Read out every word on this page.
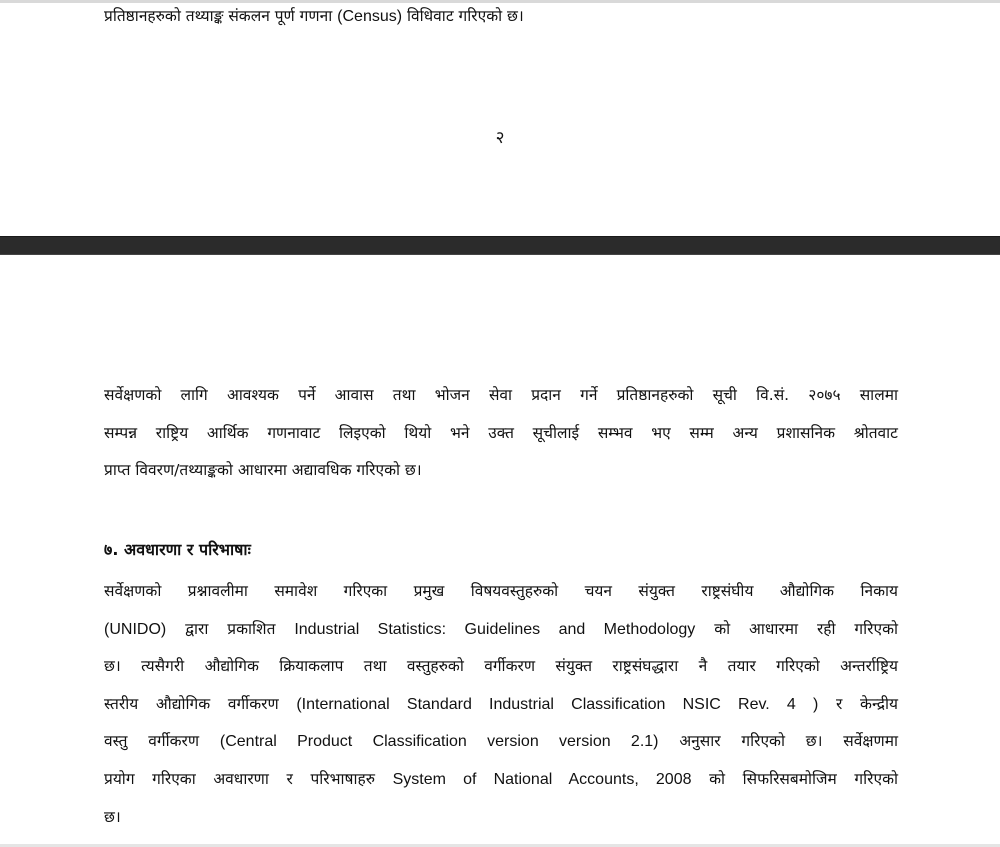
प्रतिष्ठानहरुको तथ्याङ्क संकलन पूर्ण गणना (Census) विधिवाट गरिएको छ।
२
सर्वेक्षणको लागि आवश्यक पर्ने आवास तथा भोजन सेवा प्रदान गर्ने प्रतिष्ठानहरुको सूची वि.सं. २०७५ सालमा
सम्पन्न राष्ट्रिय आर्थिक गणनावाट लिइएको थियो भने उक्त सूचीलाई सम्भव भए सम्म अन्य प्रशासनिक श्रोतवाट
प्राप्त विवरण/तथ्याङ्कको आधारमा अद्यावधिक गरिएको छ।
७. अवधारणा र परिभाषाः
सर्वेक्षणको प्रश्नावलीमा समावेश गरिएका प्रमुख विषयवस्तुहरुको चयन संयुक्त राष्ट्रसंघीय औद्योगिक निकाय
(UNIDO) द्वारा प्रकाशित Industrial Statistics: Guidelines and Methodology को आधारमा रही गरिएको
छ। त्यसैगरी औद्योगिक क्रियाकलाप तथा वस्तुहरुको वर्गीकरण संयुक्त राष्ट्रसंघद्धारा नै तयार गरिएको अन्तर्राष्ट्रिय
स्तरीय औद्योगिक वर्गीकरण (International Standard Industrial Classification NSIC Rev. 4 ) र केन्द्रीय
वस्तु वर्गीकरण (Central Product Classification version version 2.1) अनुसार गरिएको छ। सर्वेक्षणमा
प्रयोग गरिएका अवधारणा र परिभाषाहरु System of National Accounts, 2008 को सिफरिसबमोजिम गरिएको
छ।
